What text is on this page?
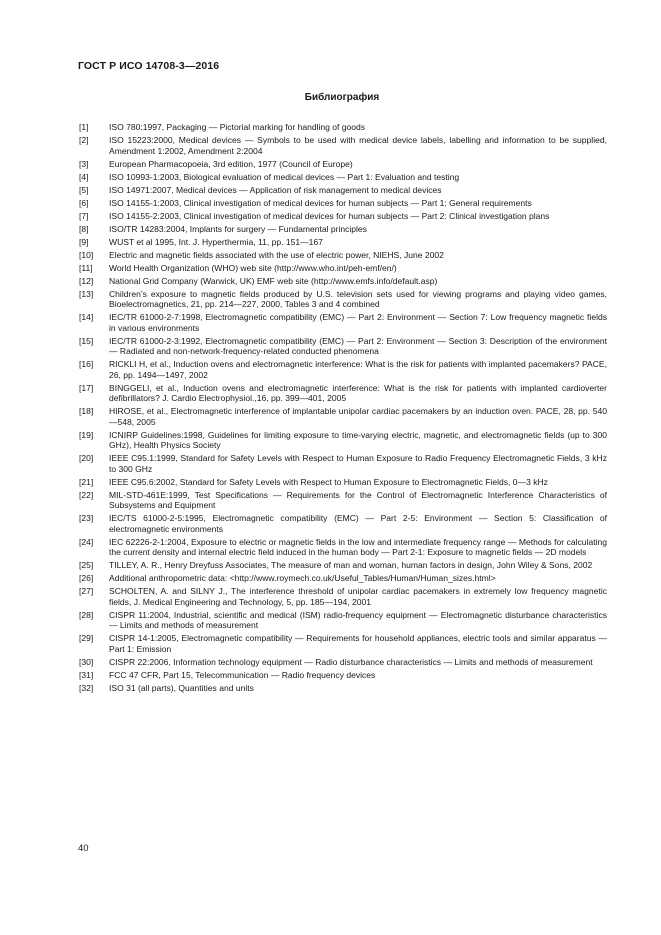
ГОСТ Р ИСО 14708-3—2016
Библиография
[1]	ISO 780:1997, Packaging — Pictorial marking for handling of goods
[2]	ISO 15223:2000, Medical devices — Symbols to be used with medical device labels, labelling and information to be supplied, Amendment 1:2002, Amendment 2:2004
[3]	European Pharmacopoeia, 3rd edition, 1977 (Council of Europe)
[4]	ISO 10993-1:2003, Biological evaluation of medical devices — Part 1: Evaluation and testing
[5]	ISO 14971:2007, Medical devices — Application of risk management to medical devices
[6]	ISO 14155-1:2003, Clinical investigation of medical devices for human subjects — Part 1: General requirements
[7]	ISO 14155-2:2003, Clinical investigation of medical devices for human subjects — Part 2: Clinical investigation plans
[8]	ISO/TR 14283:2004, Implants for surgery — Fundamental principles
[9]	WUST et al 1995, Int. J. Hyperthermia, 11, pp. 151—167
[10]	Electric and magnetic fields associated with the use of electric power, NIEHS, June 2002
[11]	World Health Organization (WHO) web site (http://www.who.int/peh-emf/en/)
[12]	National Grid Company (Warwick, UK) EMF web site (http://www.emfs.info/default.asp)
[13]	Children’s exposure to magnetic fields produced by U.S. television sets used for viewing programs and playing video games, Bioelectromagnetics, 21, pp. 214—227, 2000, Tables 3 and 4 combined
[14]	IEC/TR 61000-2-7:1998, Electromagnetic compatibility (EMC) — Part 2: Environment — Section 7: Low frequency magnetic fields in various environments
[15]	IEC/TR 61000-2-3:1992, Electromagnetic compatibility (EMC) — Part 2: Environment — Section 3: Description of the environment — Radiated and non-network-frequency-related conducted phenomena
[16]	RICKLI H, et al., Induction ovens and electromagnetic interference: What is the risk for patients with implanted pacemakers? PACE, 26, pp. 1494—1497, 2002
[17]	BINGGELI, et al., Induction ovens and electromagnetic interference: What is the risk for patients with implanted cardioverter defibrillators? J. Cardio Electrophysiol.,16, pp. 399—401, 2005
[18]	HIROSE, et al., Electromagnetic interference of implantable unipolar cardiac pacemakers by an induction oven. PACE, 28, pp. 540—548, 2005
[19]	ICNIRP Guidelines:1998, Guidelines for limiting exposure to time-varying electric, magnetic, and electromagnetic fields (up to 300 GHz), Health Physics Society
[20]	IEEE C95.1:1999, Standard for Safety Levels with Respect to Human Exposure to Radio Frequency Electromagnetic Fields, 3 kHz to 300 GHz
[21]	IEEE C95.6:2002, Standard for Safety Levels with Respect to Human Exposure to Electromagnetic Fields, 0—3 kHz
[22]	MIL-STD-461E:1999, Test Specifications — Requirements for the Control of Electromagnetic Interference Characteristics of Subsystems and Equipment
[23]	IEC/TS 61000-2-5:1995, Electromagnetic compatibility (EMC) — Part 2-5: Environment — Section 5: Classification of electromagnetic environments
[24]	IEC 62226-2-1:2004, Exposure to electric or magnetic fields in the low and intermediate frequency range — Methods for calculating the current density and internal electric field induced in the human body — Part 2-1: Exposure to magnetic fields — 2D models
[25]	TILLEY, A. R., Henry Dreyfuss Associates, The measure of man and woman, human factors in design, John Wiley & Sons, 2002
[26]	Additional anthropometric data: <http://www.roymech.co.uk/Useful_Tables/Human/Human_sizes.html>
[27]	SCHOLTEN, A. and SILNY J., The interference threshold of unipolar cardiac pacemakers in extremely low frequency magnetic fields, J. Medical Engineering and Technology, 5, pp. 185—194, 2001
[28]	CISPR 11:2004, Industrial, scientific and medical (ISM) radio-frequency equipment — Electromagnetic disturbance characteristics — Limits and methods of measurement
[29]	CISPR 14-1:2005, Electromagnetic compatibility — Requirements for household appliances, electric tools and similar apparatus — Part 1: Emission
[30]	CISPR 22:2006, Information technology equipment — Radio disturbance characteristics — Limits and methods of measurement
[31]	FCC 47 CFR, Part 15, Telecommunication — Radio frequency devices
[32]	ISO 31 (all parts), Quantities and units
40
